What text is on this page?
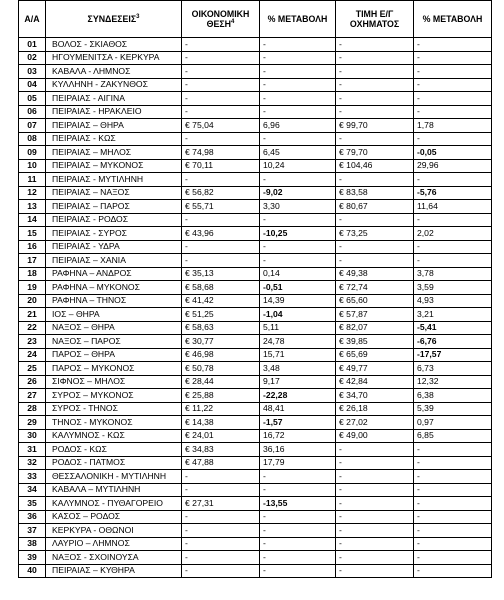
Α/Α	ΣΥΝΔΕΣΕΙΣ$^3$	ΟΙΚΟΝΟΜΙΚΗ ΘΕΣΗ$^4$	% ΜΕΤΑΒΟΛΗ	ΤΙΜΗ Ε/Γ ΟΧΗΜΑΤΟΣ	% ΜΕΤΑΒΟΛΗ
01	ΒΟΛΟΣ - ΣΚΙΑΘΟΣ	-	-	-	-
02	ΗΓΟΥΜΕΝΙΤΣΑ - ΚΕΡΚΥΡΑ	-	-	-	-
03	ΚΑΒΑΛΑ - ΛΗΜΝΟΣ	-	-	-	-
04	ΚΥΛΛΗΝΗ - ΖΑΚΥΝΘΟΣ	-	-	-	-
05	ΠΕΙΡΑΙΑΣ - ΑΙΓΙΝΑ	-	-	-	-
06	ΠΕΙΡΑΙΑΣ - ΗΡΑΚΛΕΙΟ	-	-	-	-
07	ΠΕΙΡΑΙΑΣ – ΘΗΡΑ	€ 75,04	6,96	€ 99,70	1,78
08	ΠΕΙΡΑΙΑΣ - ΚΩΣ	-	-	-	-
09	ΠΕΙΡΑΙΑΣ – ΜΗΛΟΣ	€ 74,98	6,45	€ 79,70	-0,05
10	ΠΕΙΡΑΙΑΣ – ΜΥΚΟΝΟΣ	€ 70,11	10,24	€ 104,46	29,96
11	ΠΕΙΡΑΙΑΣ - ΜΥΤΙΛΗΝΗ	-	-	-	-
12	ΠΕΙΡΑΙΑΣ – ΝΑΞΟΣ	€ 56,82	-9,02	€ 83,58	-5,76
13	ΠΕΙΡΑΙΑΣ – ΠΑΡΟΣ	€ 55,71	3,30	€ 80,67	11,64
14	ΠΕΙΡΑΙΑΣ - ΡΟΔΟΣ	-	-	-	-
15	ΠΕΙΡΑΙΑΣ - ΣΥΡΟΣ	€ 43,96	-10,25	€ 73,25	2,02
16	ΠΕΙΡΑΙΑΣ - ΥΔΡΑ	-	-	-	-
17	ΠΕΙΡΑΙΑΣ – ΧΑΝΙΑ	-	-	-	-
18	ΡΑΦΗΝΑ – ΑΝΔΡΟΣ	€ 35,13	0,14	€ 49,38	3,78
19	ΡΑΦΗΝΑ – ΜΥΚΟΝΟΣ	€ 58,68	-0,51	€ 72,74	3,59
20	ΡΑΦΗΝΑ – ΤΗΝΟΣ	€ 41,42	14,39	€ 65,60	4,93
21	ΙΟΣ – ΘΗΡΑ	€ 51,25	-1,04	€ 57,87	3,21
22	ΝΑΞΟΣ – ΘΗΡΑ	€ 58,63	5,11	€ 82,07	-5,41
23	ΝΑΞΟΣ – ΠΑΡΟΣ	€ 30,77	24,78	€ 39,85	-6,76
24	ΠΑΡΟΣ – ΘΗΡΑ	€ 46,98	15,71	€ 65,69	-17,57
25	ΠΑΡΟΣ – ΜΥΚΟΝΟΣ	€ 50,78	3,48	€ 49,77	6,73
26	ΣΙΦΝΟΣ – ΜΗΛΟΣ	€ 28,44	9,17	€ 42,84	12,32
27	ΣΥΡΟΣ – ΜΥΚΟΝΟΣ	€ 25,88	-22,28	€ 34,70	6,38
28	ΣΥΡΟΣ - ΤΗΝΟΣ	€ 11,22	48,41	€ 26,18	5,39
29	ΤΗΝΟΣ - ΜΥΚΟΝΟΣ	€ 14,38	-1,57	€ 27,02	0,97
30	ΚΑΛΥΜΝΟΣ - ΚΩΣ	€ 24,01	16,72	€ 49,00	6,85
31	ΡΟΔΟΣ - ΚΩΣ	€ 34,83	36,16	-	-
32	ΡΟΔΟΣ - ΠΑΤΜΟΣ	€ 47,88	17,79	-	-
33	ΘΕΣΣΑΛΟΝΙΚΗ - ΜΥΤΙΛΗΝΗ	-	-	-	-
34	ΚΑΒΑΛΑ – ΜΥΤΙΛΗΝΗ	-	-	-	-
35	ΚΑΛΥΜΝΟΣ - ΠΥΘΑΓΟΡΕΙΟ	€ 27,31	-13,55	-	-
36	ΚΑΣΟΣ – ΡΟΔΟΣ	-	-	-	-
37	ΚΕΡΚΥΡΑ - ΟΘΩΝΟΙ	-	-	-	-
38	ΛΑΥΡΙΟ – ΛΗΜΝΟΣ	-	-	-	-
39	ΝΑΞΟΣ - ΣΧΟΙΝΟΥΣΑ	-	-	-	-
40	ΠΕΙΡΑΙΑΣ – ΚΥΘΗΡΑ	-	-	-	-
